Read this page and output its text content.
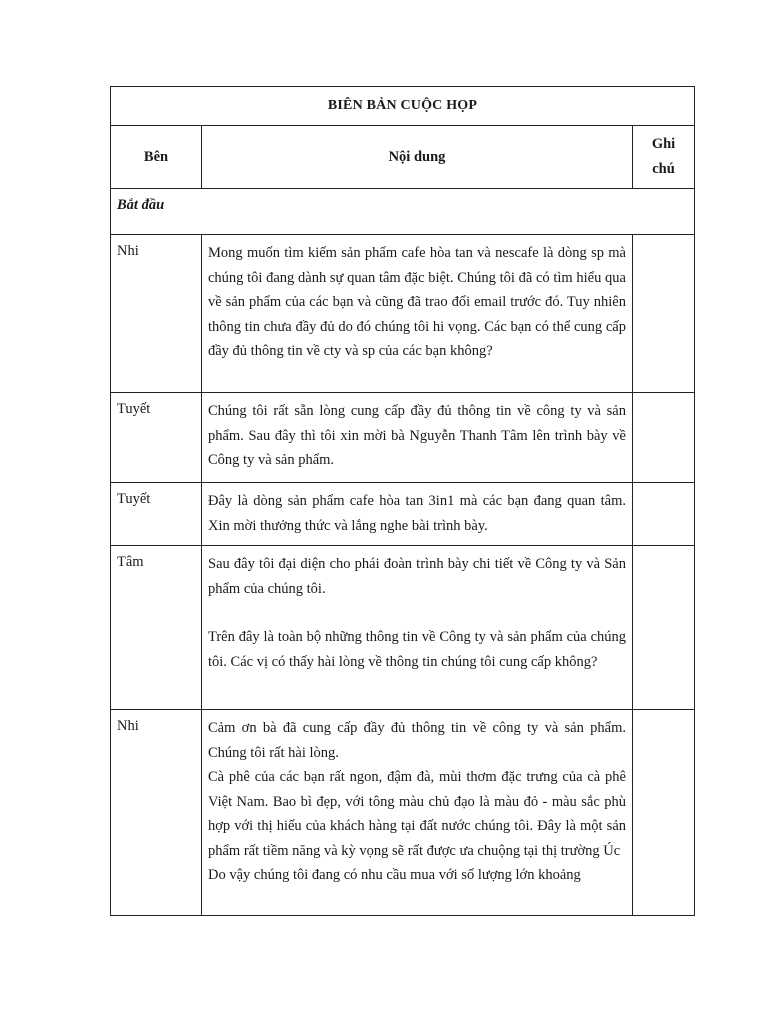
BIÊN BẢN CUỘC HỌP		
Bên	Nội dung	Ghi
chú

Bắt đầu		
Nhi	Mong muốn tìm kiếm sản phẩm cafe hòa tan và nescafe là dòng sp mà chúng tôi đang dành sự quan tâm đặc biệt. Chúng tôi đã có tìm hiểu qua về sản phẩm của các bạn và cũng đã trao đổi email trước đó. Tuy nhiên thông tin chưa đầy đủ do đó chúng tôi hi vọng. Các bạn có thể cung cấp đầy đủ thông tin về cty và sp của các bạn không?	

Tuyết	Chúng tôi rất sẵn lòng cung cấp đầy đủ thông tin về công ty và sản phẩm. Sau đây thì tôi xin mời bà Nguyễn Thanh Tâm lên trình bày về Công ty và sản phẩm.	

Tuyết	Đây là dòng sản phẩm cafe hòa tan 3in1 mà các bạn đang quan tâm. Xin mời thưởng thức và lắng nghe bài trình bày.	

Tâm	Sau đây tôi đại diện cho phái đoàn trình bày chi tiết về Công ty và Sản phẩm của chúng tôi.

Trên đây là toàn bộ những thông tin về Công ty và sản phẩm của chúng tôi. Các vị có thấy hài lòng về thông tin chúng tôi cung cấp không?	

Nhi	Cảm ơn bà đã cung cấp đầy đủ thông tin về công ty và sản phẩm. Chúng tôi rất hài lòng.

Cà phê của các bạn rất ngon, đậm đà, mùi thơm đặc trưng của cà phê Việt Nam. Bao bì đẹp, với tông màu chủ đạo là màu đỏ - màu sắc phù hợp với thị hiếu của khách hàng tại đất nước chúng tôi. Đây là một sản phẩm rất tiềm năng và kỳ vọng sẽ rất được ưa chuộng tại thị trường Úc

Do vậy chúng tôi đang có nhu cầu mua với số lượng lớn khoảng	
